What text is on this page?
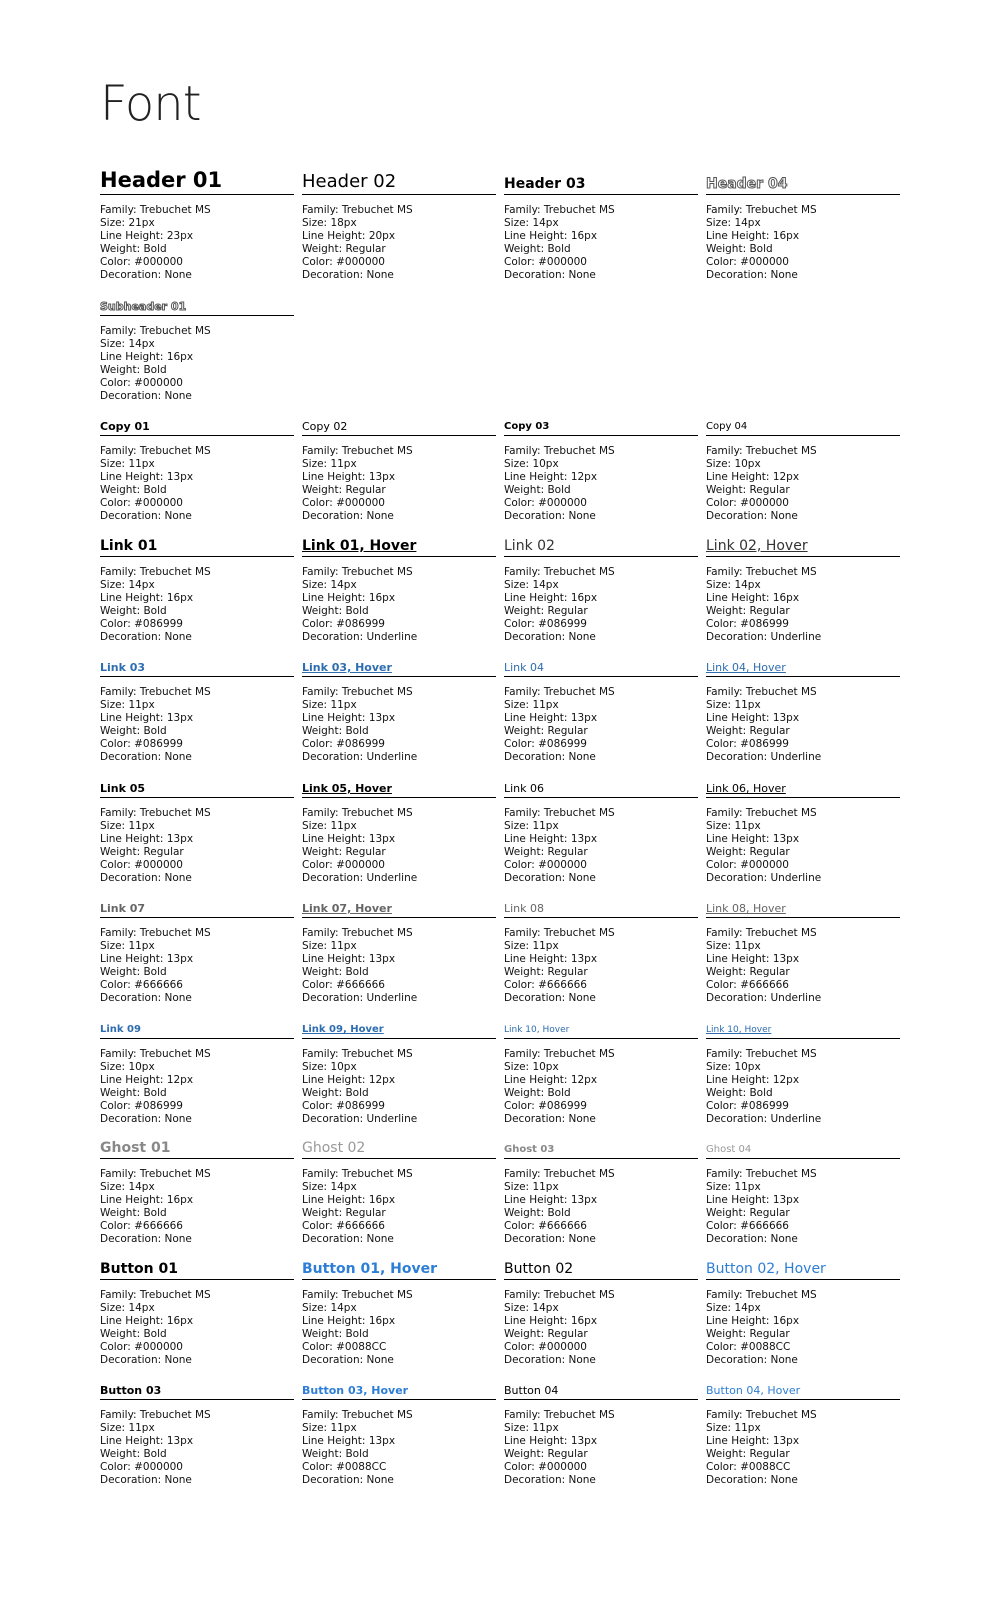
Font
Header 01
Family: Trebuchet MS
Size: 21px
Line Height: 23px
Weight: Bold
Color: #000000
Decoration: None
Header 02
Family: Trebuchet MS
Size: 18px
Line Height: 20px
Weight: Regular
Color: #000000
Decoration: None
Header 03
Family: Trebuchet MS
Size: 14px
Line Height: 16px
Weight: Bold
Color: #000000
Decoration: None
Header 04
Family: Trebuchet MS
Size: 14px
Line Height: 16px
Weight: Bold
Color: #000000
Decoration: None
Subheader 01
Family: Trebuchet MS
Size: 14px
Line Height: 16px
Weight: Bold
Color: #000000
Decoration: None
Copy 01
Family: Trebuchet MS
Size: 11px
Line Height: 13px
Weight: Bold
Color: #000000
Decoration: None
Copy 02
Family: Trebuchet MS
Size: 11px
Line Height: 13px
Weight: Regular
Color: #000000
Decoration: None
Copy 03
Family: Trebuchet MS
Size: 10px
Line Height: 12px
Weight: Bold
Color: #000000
Decoration: None
Copy 04
Family: Trebuchet MS
Size: 10px
Line Height: 12px
Weight: Regular
Color: #000000
Decoration: None
Link 01
Family: Trebuchet MS
Size: 14px
Line Height: 16px
Weight: Bold
Color: #086999
Decoration: None
Link 01, Hover
Family: Trebuchet MS
Size: 14px
Line Height: 16px
Weight: Bold
Color: #086999
Decoration: Underline
Link 02
Family: Trebuchet MS
Size: 14px
Line Height: 16px
Weight: Regular
Color: #086999
Decoration: None
Link 02, Hover
Family: Trebuchet MS
Size: 14px
Line Height: 16px
Weight: Regular
Color: #086999
Decoration: Underline
Link 03
Family: Trebuchet MS
Size: 11px
Line Height: 13px
Weight: Bold
Color: #086999
Decoration: None
Link 03, Hover
Family: Trebuchet MS
Size: 11px
Line Height: 13px
Weight: Bold
Color: #086999
Decoration: Underline
Link 04
Family: Trebuchet MS
Size: 11px
Line Height: 13px
Weight: Regular
Color: #086999
Decoration: None
Link 04, Hover
Family: Trebuchet MS
Size: 11px
Line Height: 13px
Weight: Regular
Color: #086999
Decoration: Underline
Link 05
Family: Trebuchet MS
Size: 11px
Line Height: 13px
Weight: Regular
Color: #000000
Decoration: None
Link 05, Hover
Family: Trebuchet MS
Size: 11px
Line Height: 13px
Weight: Regular
Color: #000000
Decoration: Underline
Link 06
Family: Trebuchet MS
Size: 11px
Line Height: 13px
Weight: Regular
Color: #000000
Decoration: None
Link 06, Hover
Family: Trebuchet MS
Size: 11px
Line Height: 13px
Weight: Regular
Color: #000000
Decoration: Underline
Link 07
Family: Trebuchet MS
Size: 11px
Line Height: 13px
Weight: Bold
Color: #666666
Decoration: None
Link 07, Hover
Family: Trebuchet MS
Size: 11px
Line Height: 13px
Weight: Bold
Color: #666666
Decoration: Underline
Link 08
Family: Trebuchet MS
Size: 11px
Line Height: 13px
Weight: Regular
Color: #666666
Decoration: None
Link 08, Hover
Family: Trebuchet MS
Size: 11px
Line Height: 13px
Weight: Regular
Color: #666666
Decoration: Underline
Link 09
Family: Trebuchet MS
Size: 10px
Line Height: 12px
Weight: Bold
Color: #086999
Decoration: None
Link 09, Hover
Family: Trebuchet MS
Size: 10px
Line Height: 12px
Weight: Bold
Color: #086999
Decoration: Underline
Link 10, Hover
Family: Trebuchet MS
Size: 10px
Line Height: 12px
Weight: Bold
Color: #086999
Decoration: None
Link 10, Hover
Family: Trebuchet MS
Size: 10px
Line Height: 12px
Weight: Bold
Color: #086999
Decoration: Underline
Ghost 01
Family: Trebuchet MS
Size: 14px
Line Height: 16px
Weight: Bold
Color: #666666
Decoration: None
Ghost 02
Family: Trebuchet MS
Size: 14px
Line Height: 16px
Weight: Regular
Color: #666666
Decoration: None
Ghost 03
Family: Trebuchet MS
Size: 11px
Line Height: 13px
Weight: Bold
Color: #666666
Decoration: None
Ghost 04
Family: Trebuchet MS
Size: 11px
Line Height: 13px
Weight: Regular
Color: #666666
Decoration: None
Button 01
Family: Trebuchet MS
Size: 14px
Line Height: 16px
Weight: Bold
Color: #000000
Decoration: None
Button 01, Hover
Family: Trebuchet MS
Size: 14px
Line Height: 16px
Weight: Bold
Color: #0088CC
Decoration: None
Button 02
Family: Trebuchet MS
Size: 14px
Line Height: 16px
Weight: Regular
Color: #000000
Decoration: None
Button 02, Hover
Family: Trebuchet MS
Size: 14px
Line Height: 16px
Weight: Regular
Color: #0088CC
Decoration: None
Button 03
Family: Trebuchet MS
Size: 11px
Line Height: 13px
Weight: Bold
Color: #000000
Decoration: None
Button 03, Hover
Family: Trebuchet MS
Size: 11px
Line Height: 13px
Weight: Bold
Color: #0088CC
Decoration: None
Button 04
Family: Trebuchet MS
Size: 11px
Line Height: 13px
Weight: Regular
Color: #000000
Decoration: None
Button 04, Hover
Family: Trebuchet MS
Size: 11px
Line Height: 13px
Weight: Regular
Color: #0088CC
Decoration: None
